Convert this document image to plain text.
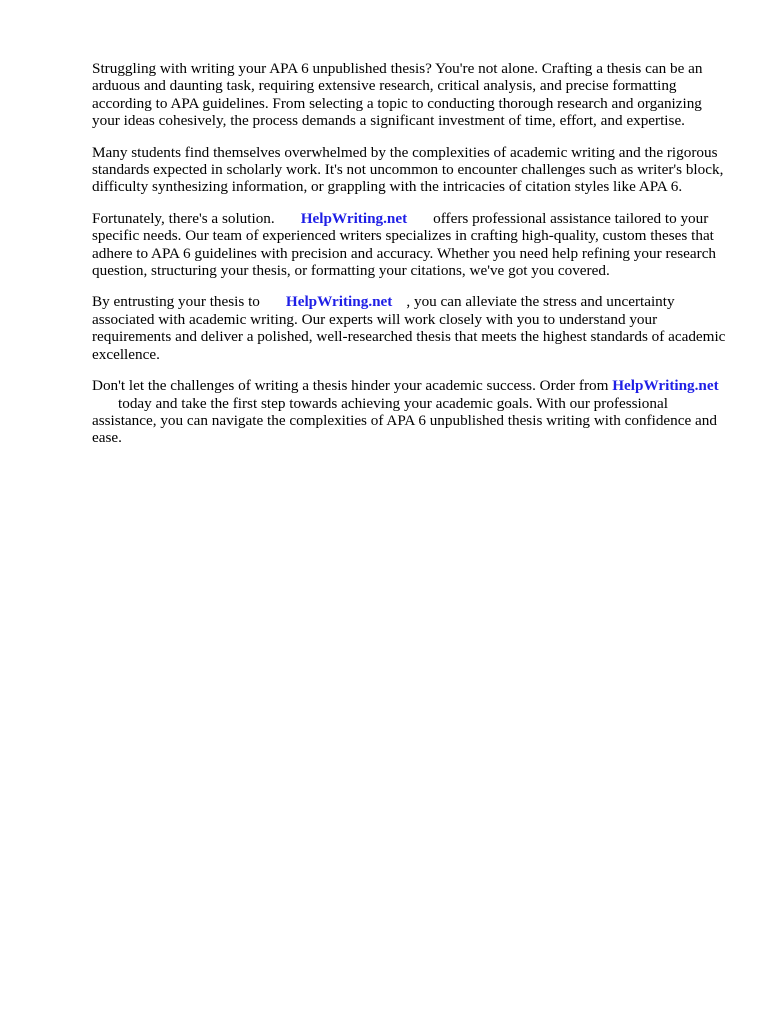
Struggling with writing your APA 6 unpublished thesis? You're not alone. Crafting a thesis can be an arduous and daunting task, requiring extensive research, critical analysis, and precise formatting according to APA guidelines. From selecting a topic to conducting thorough research and organizing your ideas cohesively, the process demands a significant investment of time, effort, and expertise.

Many students find themselves overwhelmed by the complexities of academic writing and the rigorous standards expected in scholarly work. It's not uncommon to encounter challenges such as writer's block, difficulty synthesizing information, or grappling with the intricacies of citation styles like APA 6.

Fortunately, there's a solution. HelpWriting.net offers professional assistance tailored to your specific needs. Our team of experienced writers specializes in crafting high-quality, custom theses that adhere to APA 6 guidelines with precision and accuracy. Whether you need help refining your research question, structuring your thesis, or formatting your citations, we've got you covered.

By entrusting your thesis to HelpWriting.net , you can alleviate the stress and uncertainty associated with academic writing. Our experts will work closely with you to understand your requirements and deliver a polished, well-researched thesis that meets the highest standards of academic excellence.

Don't let the challenges of writing a thesis hinder your academic success. Order from HelpWriting.nettoday and take the first step towards achieving your academic goals. With our professional assistance, you can navigate the complexities of APA 6 unpublished thesis writing with confidence and ease.
